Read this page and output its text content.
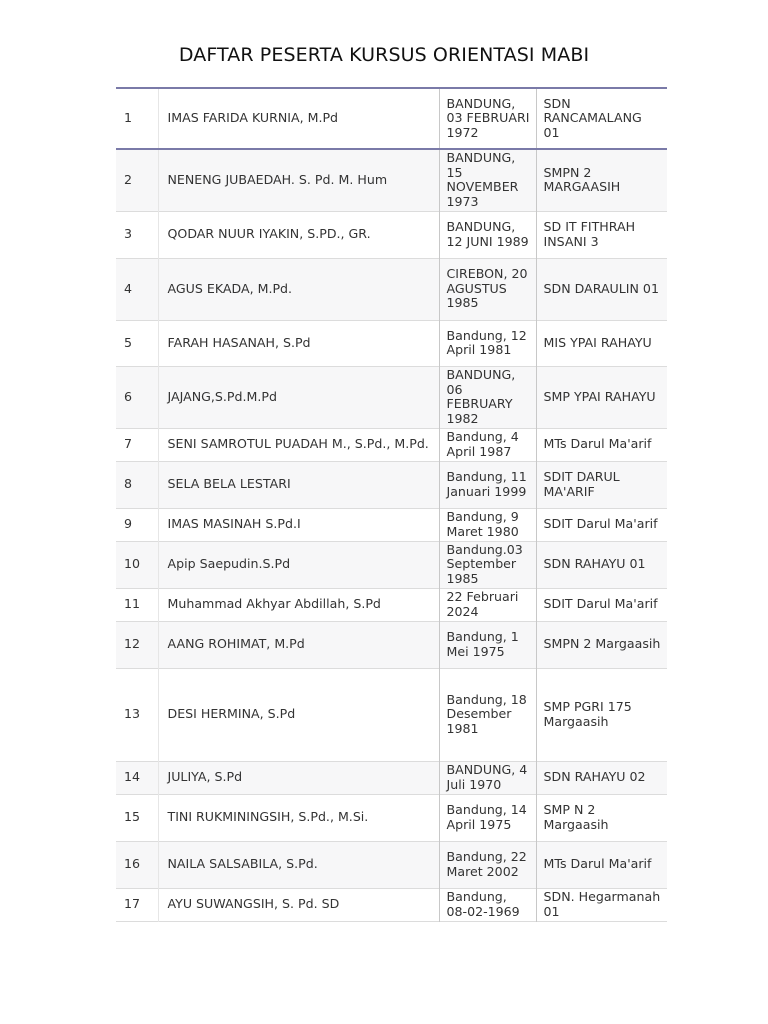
DAFTAR PESERTA KURSUS ORIENTASI MABI
1	IMAS FARIDA KURNIA, M.Pd	BANDUNG, 03 FEBRUARI 1972	SDN RANCAMALANG 01
2	NENENG JUBAEDAH. S. Pd. M. Hum	BANDUNG, 15 NOVEMBER 1973	SMPN 2 MARGAASIH
3	QODAR NUUR IYAKIN, S.PD., GR.	BANDUNG, 12 JUNI 1989	SD IT FITHRAH INSANI 3
4	AGUS EKADA, M.Pd.	CIREBON, 20 AGUSTUS 1985	SDN DARAULIN 01
5	FARAH HASANAH, S.Pd	Bandung, 12 April 1981	MIS YPAI RAHAYU
6	JAJANG,S.Pd.M.Pd	BANDUNG, 06 FEBRUARY 1982	SMP YPAI RAHAYU
7	SENI SAMROTUL PUADAH M., S.Pd., M.Pd.	Bandung, 4 April 1987	MTs Darul Ma'arif
8	SELA BELA LESTARI	Bandung, 11 Januari 1999	SDIT DARUL MA'ARIF
9	IMAS MASINAH S.Pd.I	Bandung, 9 Maret 1980	SDIT Darul Ma'arif
10	Apip Saepudin.S.Pd	Bandung.03 September 1985	SDN RAHAYU 01
11	Muhammad Akhyar Abdillah, S.Pd	22 Februari 2024	SDIT Darul Ma'arif
12	AANG ROHIMAT, M.Pd	Bandung, 1 Mei 1975	SMPN 2 Margaasih
13	DESI HERMINA, S.Pd	Bandung, 18 Desember 1981	SMP PGRI 175 Margaasih
14	JULIYA, S.Pd	BANDUNG, 4 Juli 1970	SDN RAHAYU 02
15	TINI RUKMININGSIH, S.Pd., M.Si.	Bandung, 14 April 1975	SMP N 2 Margaasih
16	NAILA SALSABILA, S.Pd.	Bandung, 22 Maret 2002	MTs Darul Ma'arif
17	AYU SUWANGSIH, S. Pd. SD	Bandung, 08-02-1969	SDN. Hegarmanah 01
